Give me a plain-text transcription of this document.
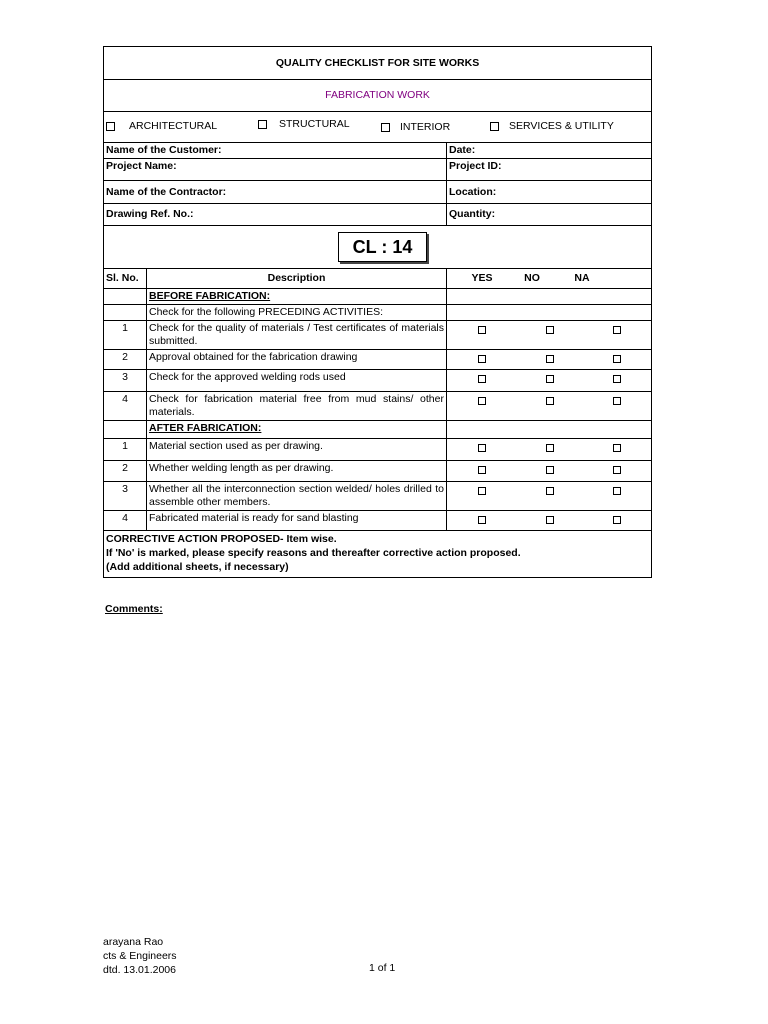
QUALITY CHECKLIST FOR SITE WORKS				
FABRICATION WORK				

ARCHITECTURAL STRUCTURAL INTERIOR SERVICES & UTILITY				

Name of the Customer:		Date:		
Project Name:		Project ID:		
Name of the Contractor:		Location:		
Drawing Ref. No.:		Quantity:		
CL : 14				
Sl. No.	Description	YES NO NA		

	BEFORE FABRICATION:			
	Check for the following PRECEDING ACTIVITIES:			
1	Check for the quality of materials / Test certificates of materials submitted.			
2	Approval obtained for the fabrication drawing			
3	Check for the approved welding rods used			
4	Check for fabrication material free from mud stains/ other materials.			
	AFTER FABRICATION:			
1	Material section used as per drawing.			
2	Whether welding length as per drawing.			
3	Whether all the interconnection section welded/ holes drilled to assemble other members.			
4	Fabricated material is ready for sand blasting			

CORRECTIVE ACTION PROPOSED- Item wise.
If 'No' is marked, please specify reasons and thereafter corrective action proposed.
(Add additional sheets, if necessary)				
Comments:
arayana Rao
cts & Engineers
dtd. 13.01.2006	1 of 1
